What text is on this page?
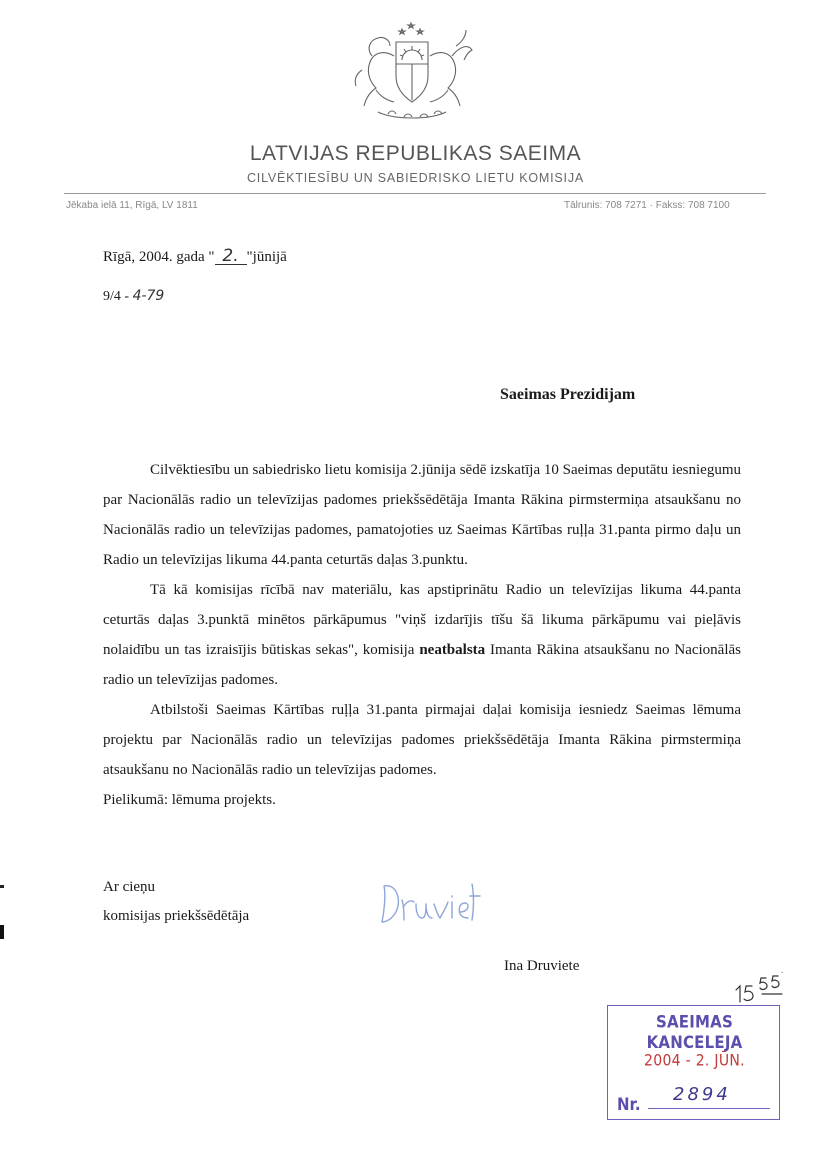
LATVIJAS REPUBLIKAS SAEIMA
CILVĒKTIESĪBU UN SABIEDRISKO LIETU KOMISIJA
Jēkaba ielā 11, Rīgā, LV 1811	Tālrunis: 708 7271 · Fakss: 708 7100
Rīgā, 2004. gada " 2. "jūnijā
9/4 - 4-79
Saeimas Prezidijam

Cilvēktiesību un sabiedrisko lietu komisija 2.jūnija sēdē izskatīja 10 Saeimas deputātu iesniegumu par Nacionālās radio un televīzijas padomes priekšsēdētāja Imanta Rākina pirmstermiņa atsaukšanu no Nacionālās radio un televīzijas padomes, pamatojoties uz Saeimas Kārtības ruļļa 31.panta pirmo daļu un Radio un televīzijas likuma 44.panta ceturtās daļas 3.punktu.

Tā kā komisijas rīcībā nav materiālu, kas apstiprinātu Radio un televīzijas likuma 44.panta ceturtās daļas 3.punktā minētos pārkāpumus "viņš izdarījis tīšu šā likuma pārkāpumu vai pieļāvis nolaidību un tas izraisījis būtiskas sekas", komisija neatbalsta Imanta Rākina atsaukšanu no Nacionālās radio un televīzijas padomes.

Atbilstoši Saeimas Kārtības ruļļa 31.panta pirmajai daļai komisija iesniedz Saeimas lēmuma projektu par Nacionālās radio un televīzijas padomes priekšsēdētāja Imanta Rākina pirmstermiņa atsaukšanu no Nacionālās radio un televīzijas padomes.

Pielikumā: lēmuma projekts.

Ar cieņu
komisijas priekšsēdētāja
Ina Druviete
SAEIMAS KANCELEJA
2004 - 2. JŪN.
Nr. 2894
